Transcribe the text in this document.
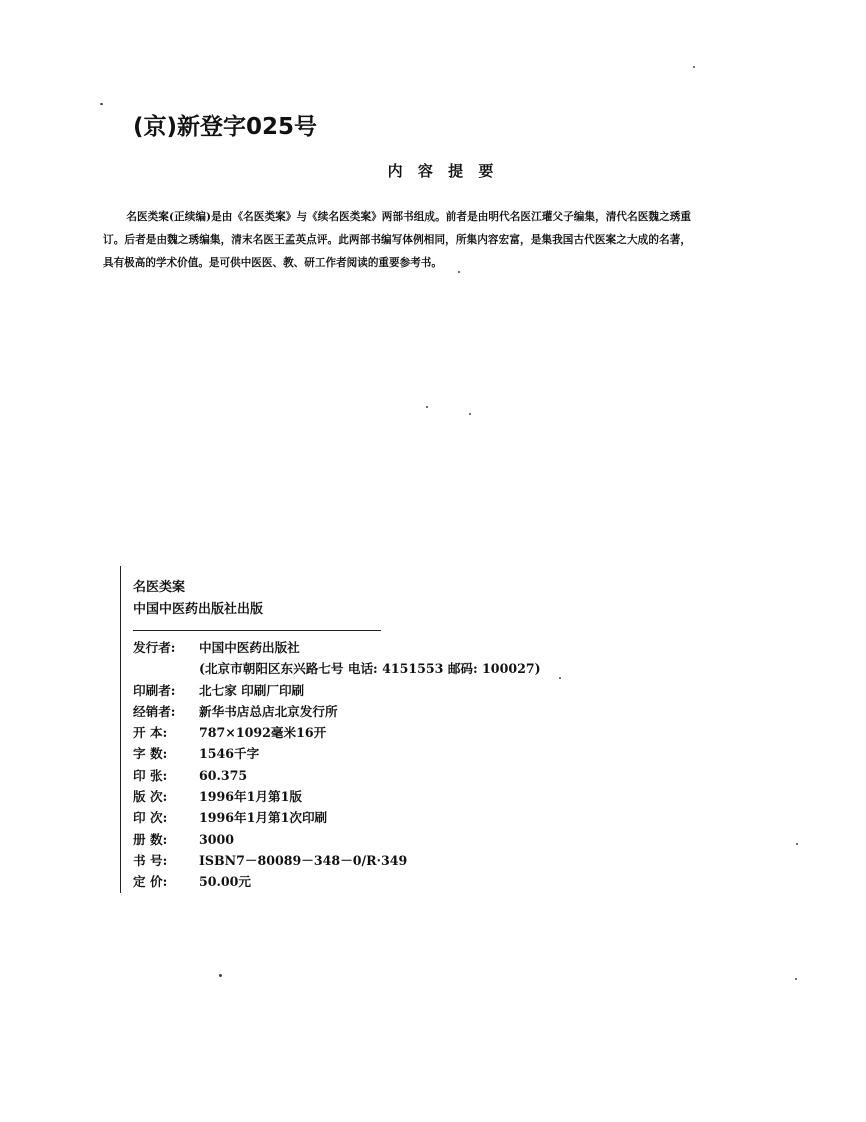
(京)新登字025号
内 容 提 要
名医类案(正续编)是由《名医类案》与《续名医类案》两部书组成。前者是由明代名医江瓘父子编集，清代名医魏之琇重订。后者是由魏之琇编集，清末名医王孟英点评。此两部书编写体例相同，所集内容宏富，是集我国古代医案之大成的名著，具有极高的学术价值。是可供中医医、教、研工作者阅读的重要参考书。
名医类案
中国中医药出版社出版
发行者: 中国中医药出版社
(北京市朝阳区东兴路七号 电话: 4151553 邮码: 100027)
印刷者: 北七家 印刷厂印刷
经销者: 新华书店总店北京发行所
开 本:	787×1092毫米16开
字 数:	1546千字
印 张:	60.375
版 次:	1996年1月第1版
印 次:	1996年1月第1次印刷
册 数:	3000
书 号:	ISBN7－80089－348－0/R·349
定 价:	50.00元
